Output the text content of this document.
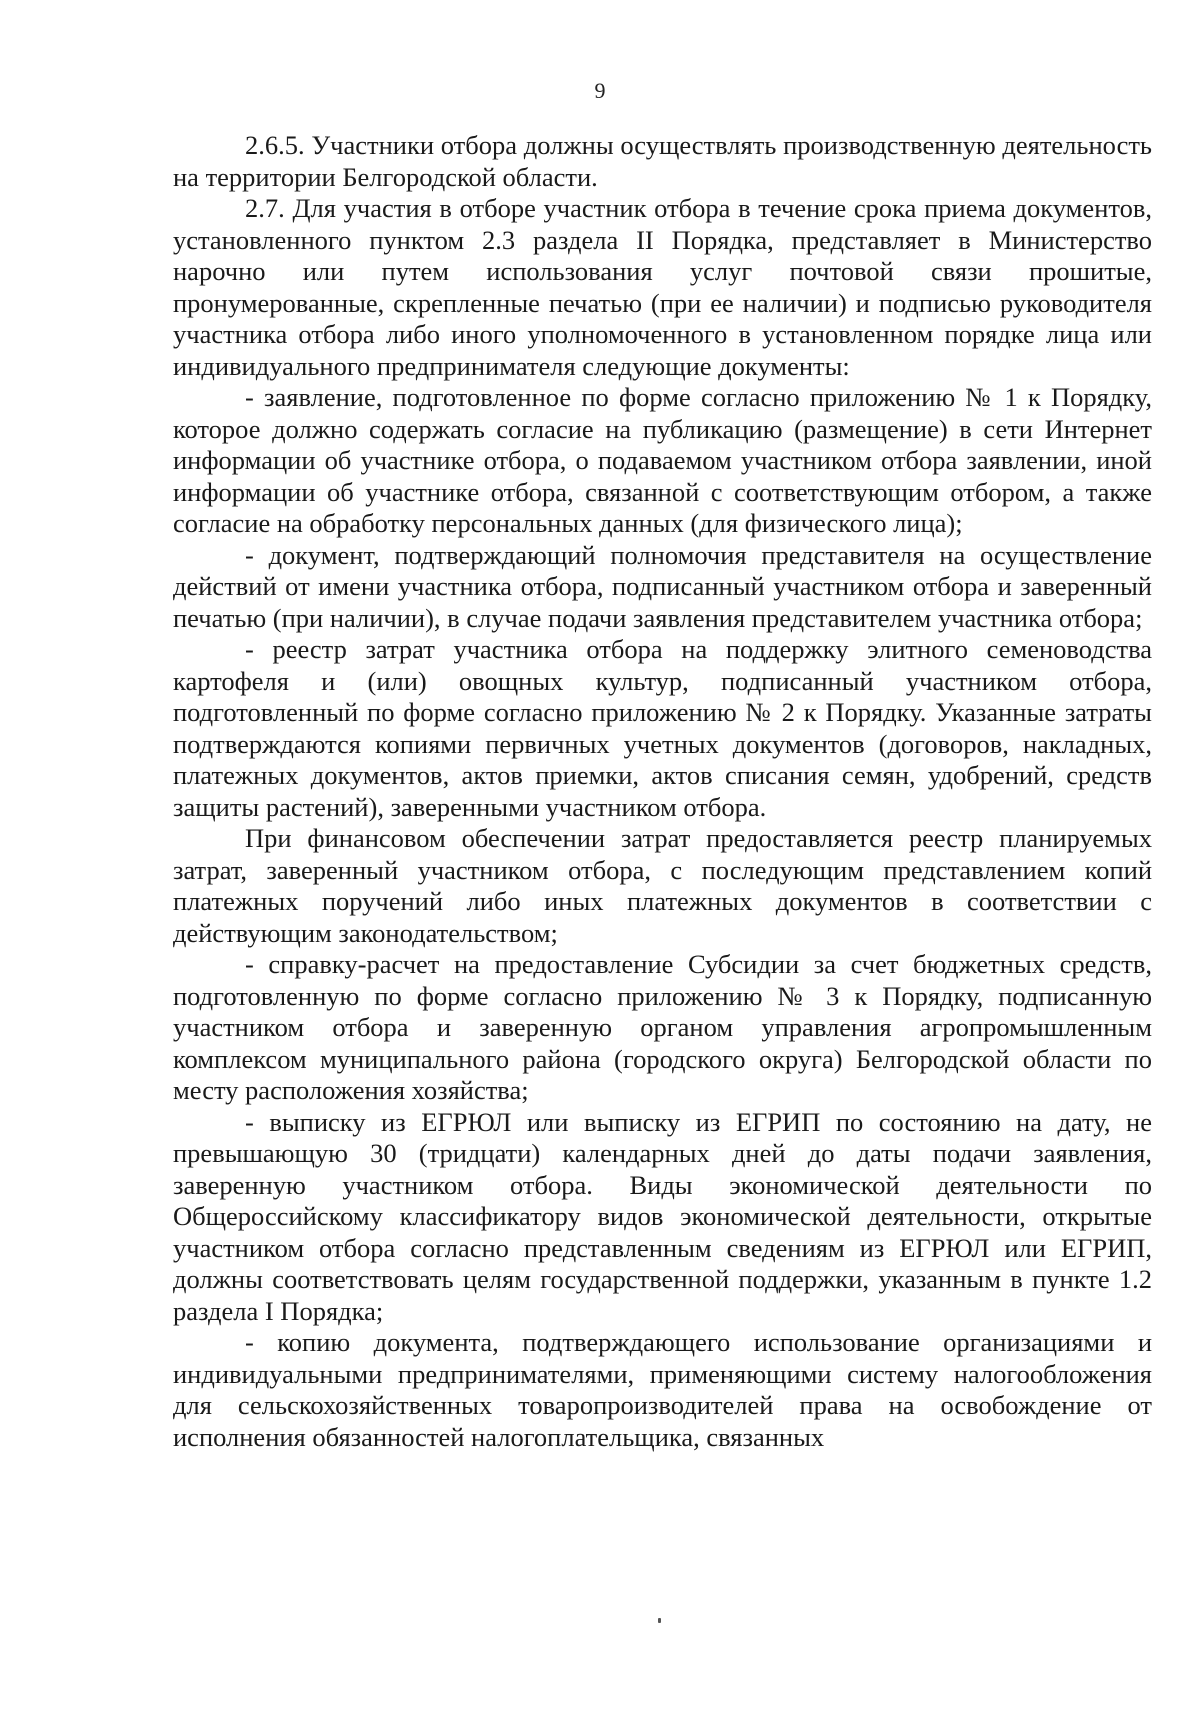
9

2.6.5. Участники отбора должны осуществлять производственную деятельность на территории Белгородской области.

2.7. Для участия в отборе участник отбора в течение срока приема документов, установленного пунктом 2.3 раздела II Порядка, представляет в Министерство нарочно или путем использования услуг почтовой связи прошитые, пронумерованные, скрепленные печатью (при ее наличии) и подписью руководителя участника отбора либо иного уполномоченного в установленном порядке лица или индивидуального предпринимателя следующие документы:

- заявление, подготовленное по форме согласно приложению № 1 к Порядку, которое должно содержать согласие на публикацию (размещение) в сети Интернет информации об участнике отбора, о подаваемом участником отбора заявлении, иной информации об участнике отбора, связанной с соответствующим отбором, а также согласие на обработку персональных данных (для физического лица);

- документ, подтверждающий полномочия представителя на осуществление действий от имени участника отбора, подписанный участником отбора и заверенный печатью (при наличии), в случае подачи заявления представителем участника отбора;

- реестр затрат участника отбора на поддержку элитного семеноводства картофеля и (или) овощных культур, подписанный участником отбора, подготовленный по форме согласно приложению № 2 к Порядку. Указанные затраты подтверждаются копиями первичных учетных документов (договоров, накладных, платежных документов, актов приемки, актов списания семян, удобрений, средств защиты растений), заверенными участником отбора.

При финансовом обеспечении затрат предоставляется реестр планируемых затрат, заверенный участником отбора, с последующим представлением копий платежных поручений либо иных платежных документов в соответствии с действующим законодательством;

- справку-расчет на предоставление Субсидии за счет бюджетных средств, подготовленную по форме согласно приложению № 3 к Порядку, подписанную участником отбора и заверенную органом управления агропромышленным комплексом муниципального района (городского округа) Белгородской области по месту расположения хозяйства;

- выписку из ЕГРЮЛ или выписку из ЕГРИП по состоянию на дату, не превышающую 30 (тридцати) календарных дней до даты подачи заявления, заверенную участником отбора. Виды экономической деятельности по Общероссийскому классификатору видов экономической деятельности, открытые участником отбора согласно представленным сведениям из ЕГРЮЛ или ЕГРИП, должны соответствовать целям государственной поддержки, указанным в пункте 1.2 раздела I Порядка;

- копию документа, подтверждающего использование организациями и индивидуальными предпринимателями, применяющими систему налогообложения для сельскохозяйственных товаропроизводителей права на освобождение от исполнения обязанностей налогоплательщика, связанных
